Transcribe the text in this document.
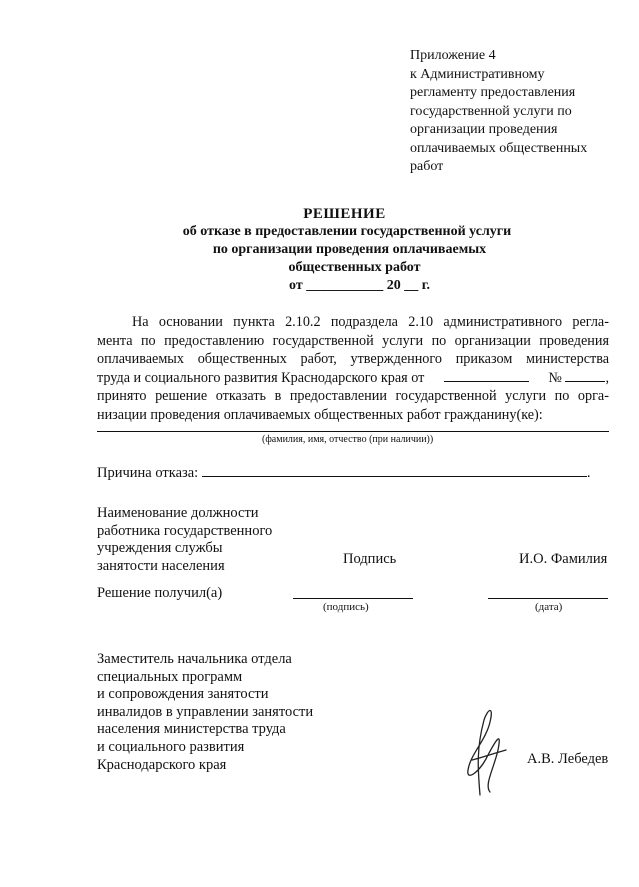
Приложение 4
к Административному
регламенту предоставления
государственной услуги по
организации проведения
оплачиваемых общественных
работ
РЕШЕНИЕ
об отказе в предоставлении государственной услуги
по организации проведения оплачиваемых
общественных работ
от ___________ 20 __ г.
На основании пункта 2.10.2 подраздела 2.10 административного регла-
мента по предоставлению государственной услуги по организации проведения
оплачиваемых общественных работ, утвержденного приказом министерства
труда и социального развития Краснодарского края от	№	,
принято решение отказать в предоставлении государственной услуги по орга-
низации проведения оплачиваемых общественных работ гражданину(ке):
(фамилия, имя, отчество (при наличии))
Причина отказа:	.
Наименование должности
работника государственного
учреждения службы
занятости населения	Подпись	И.О. Фамилия
Решение получил(а)
(подпись)	(дата)
Заместитель начальника отдела
специальных программ
и сопровождения занятости
инвалидов в управлении занятости
населения министерства труда
и социального развития
Краснодарского края	А.В. Лебедев
